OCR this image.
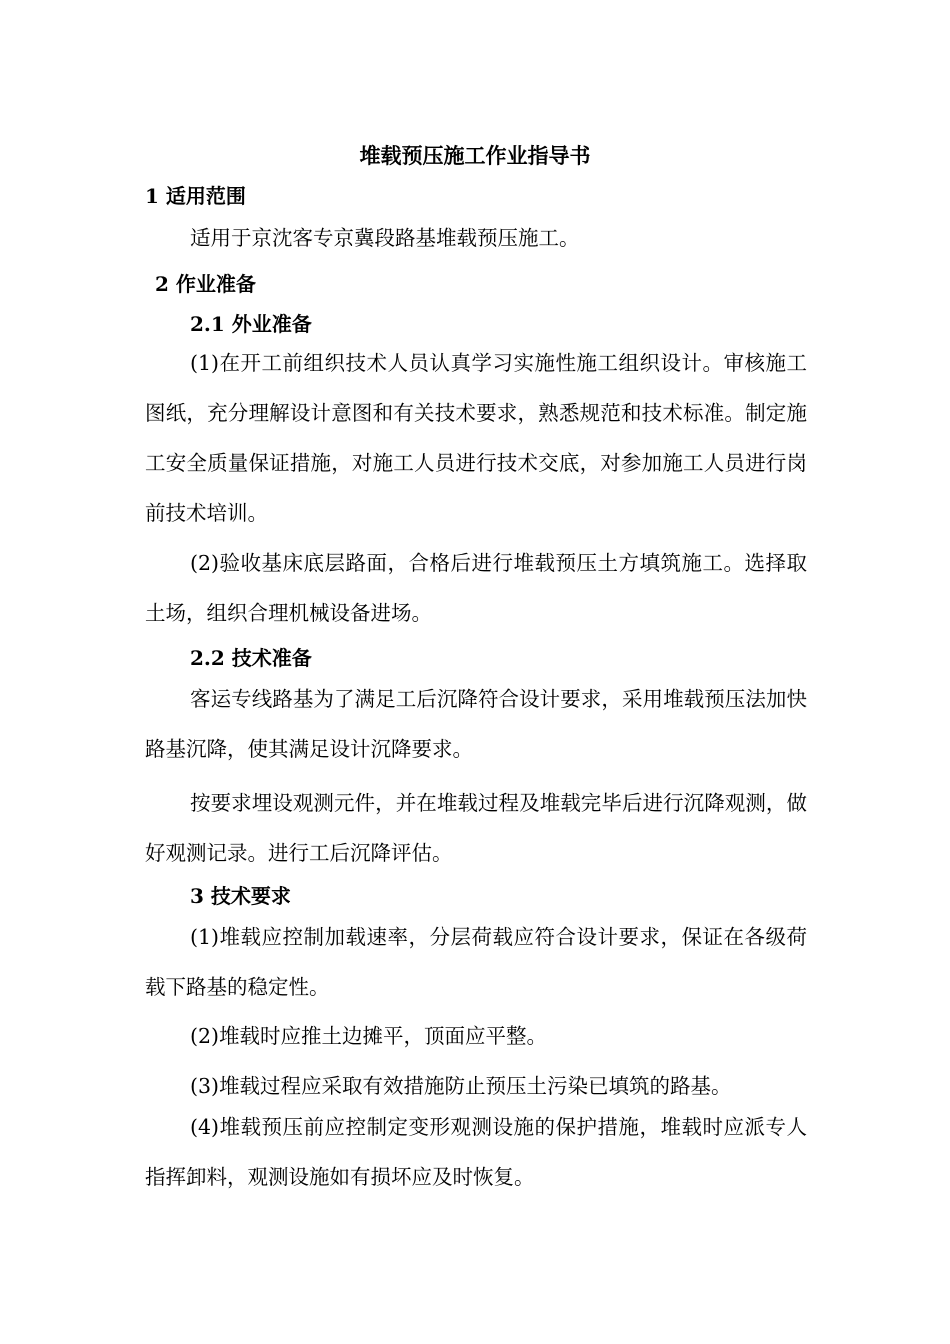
堆载预压施工作业指导书
1 适用范围
适用于京沈客专京冀段路基堆载预压施工。
2 作业准备
2.1 外业准备
(1)在开工前组织技术人员认真学习实施性施工组织设计。审核施工图纸，充分理解设计意图和有关技术要求，熟悉规范和技术标准。制定施工安全质量保证措施，对施工人员进行技术交底，对参加施工人员进行岗前技术培训。
(2)验收基床底层路面，合格后进行堆载预压土方填筑施工。选择取土场，组织合理机械设备进场。
2.2 技术准备
客运专线路基为了满足工后沉降符合设计要求，采用堆载预压法加快路基沉降，使其满足设计沉降要求。
按要求埋设观测元件，并在堆载过程及堆载完毕后进行沉降观测，做好观测记录。进行工后沉降评估。
3 技术要求
(1)堆载应控制加载速率，分层荷载应符合设计要求，保证在各级荷载下路基的稳定性。
(2)堆载时应推土边摊平，顶面应平整。
(3)堆载过程应采取有效措施防止预压土污染已填筑的路基。
(4)堆载预压前应控制定变形观测设施的保护措施，堆载时应派专人指挥卸料，观测设施如有损坏应及时恢复。
